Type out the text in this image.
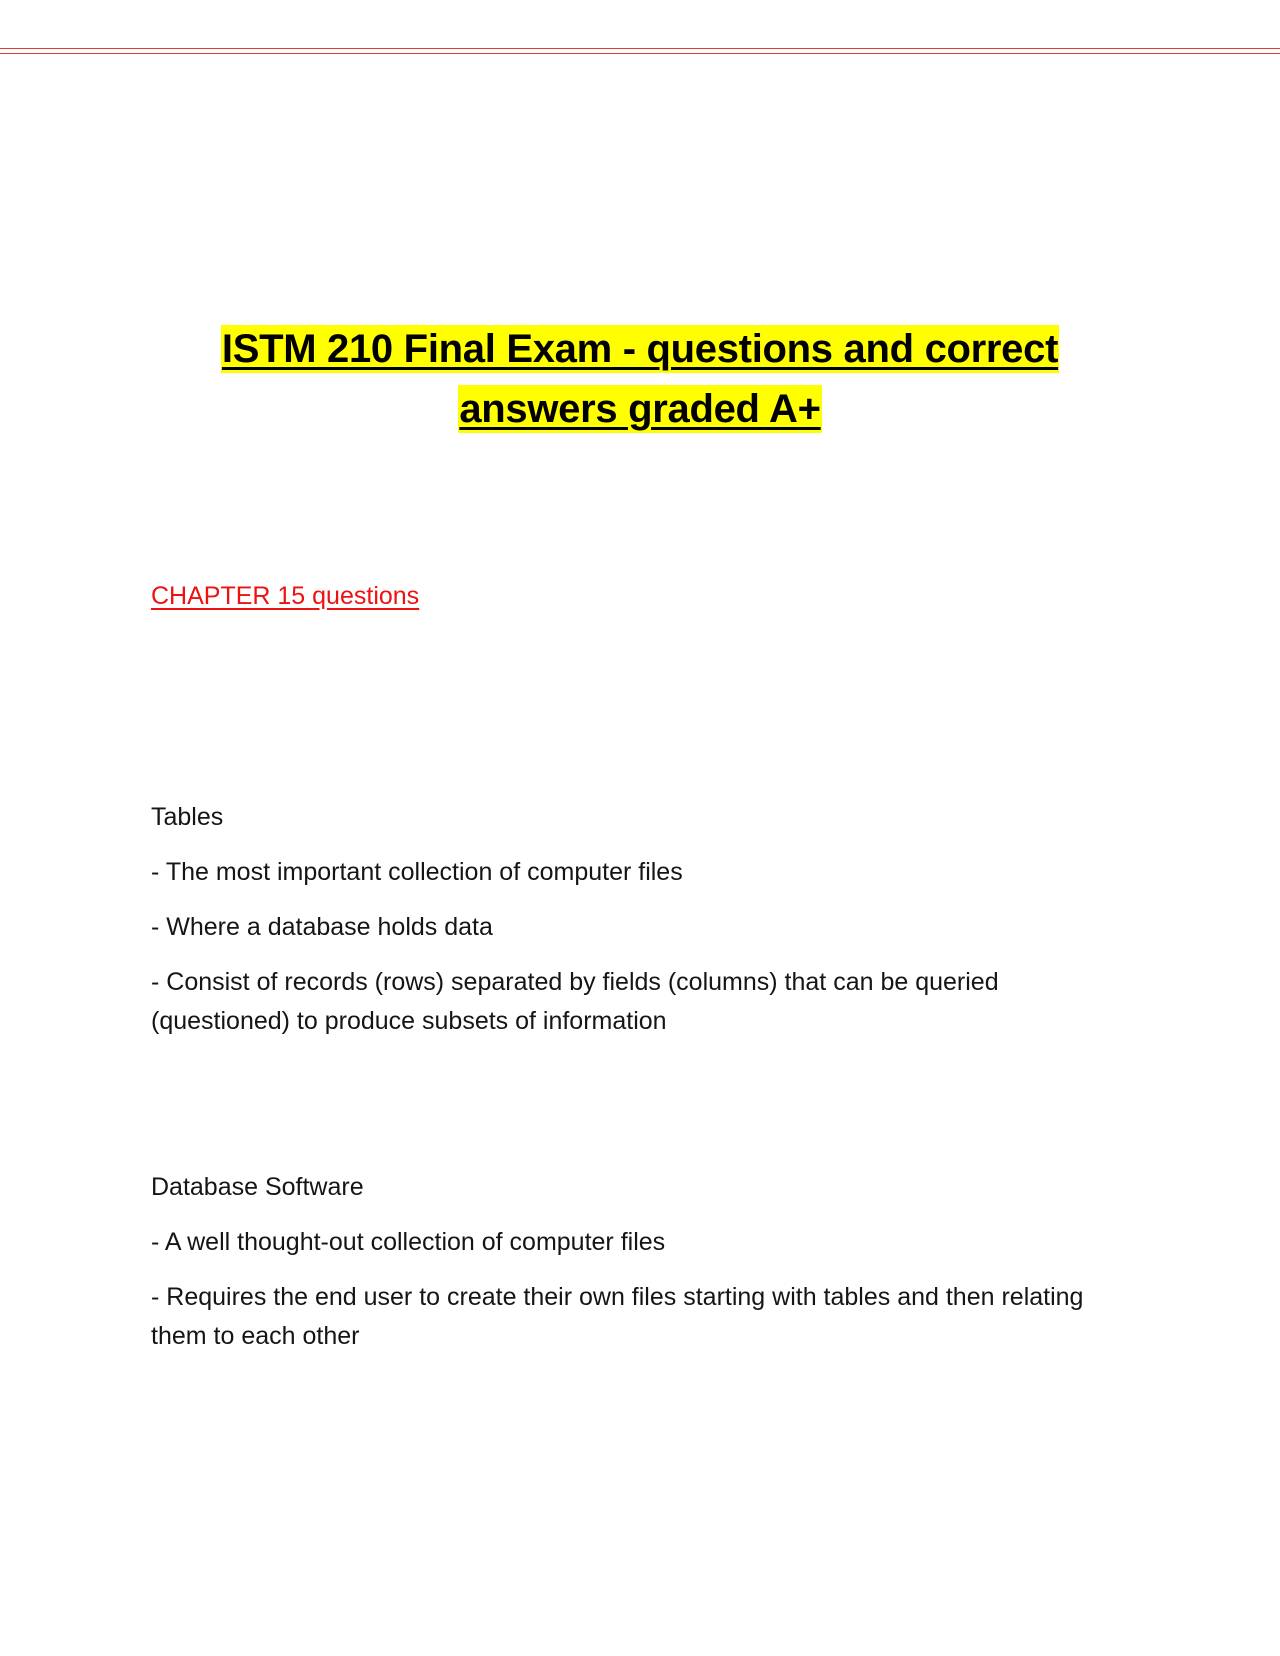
ISTM 210 Final Exam - questions and correct
answers graded A+
CHAPTER 15 questions

Tables

- The most important collection of computer files

- Where a database holds data

- Consist of records (rows) separated by fields (columns) that can be queried (questioned) to produce subsets of information

Database Software

- A well thought-out collection of computer files

- Requires the end user to create their own files starting with tables and then relating them to each other
